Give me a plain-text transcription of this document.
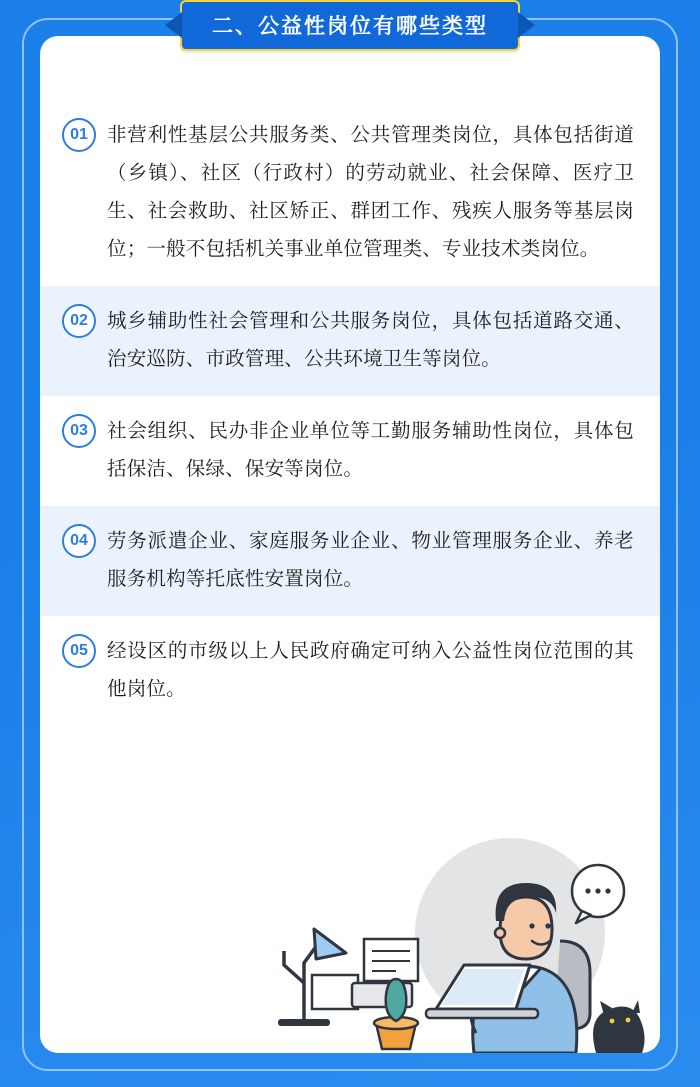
01 非营利性基层公共服务类、公共管理类岗位，具体包括街道（乡镇）、社区（行政村）的劳动就业、社会保障、医疗卫生、社会救助、社区矫正、群团工作、残疾人服务等基层岗位；一般不包括机关事业单位管理类、专业技术类岗位。
02 城乡辅助性社会管理和公共服务岗位，具体包括道路交通、治安巡防、市政管理、公共环境卫生等岗位。
03 社会组织、民办非企业单位等工勤服务辅助性岗位，具体包括保洁、保绿、保安等岗位。
04 劳务派遣企业、家庭服务业企业、物业管理服务企业、养老服务机构等托底性安置岗位。
05 经设区的市级以上人民政府确定可纳入公益性岗位范围的其他岗位。
二、公益性岗位有哪些类型
